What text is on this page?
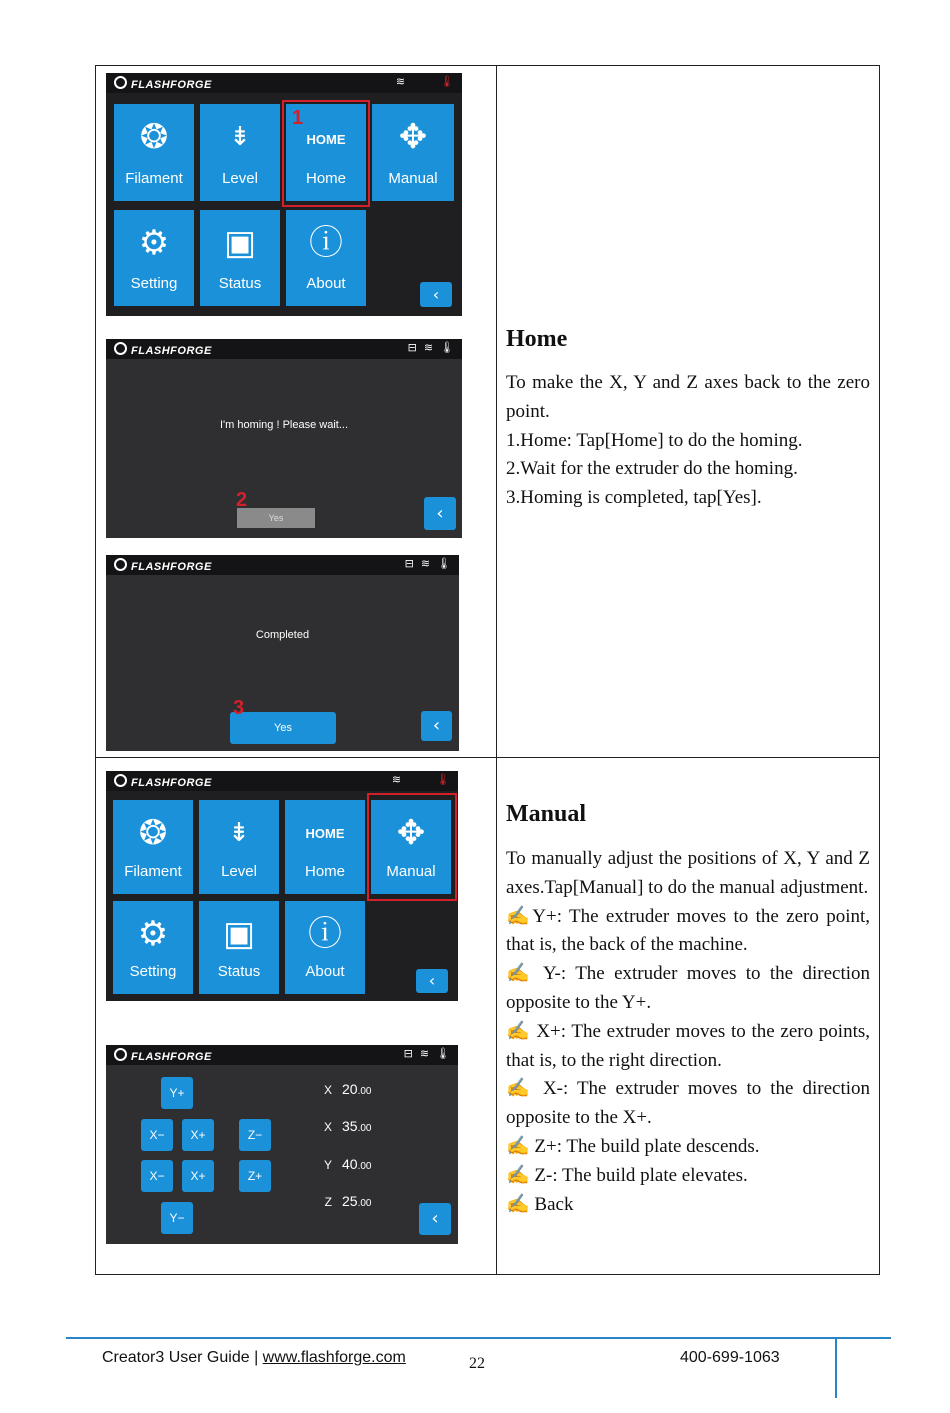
FLASHFORGE	≋	🌡
❂
Filament
⇟
Level
HOME
Home
✥
Manual
⚙
Setting
▣
Status
ⓘ
About
‹
1
FLASHFORGE	⊟ ≋ 🌡
I'm homing ! Please wait...
Yes
2
‹
FLASHFORGE	⊟ ≋ 🌡
Completed
Yes
3
‹
Home

To make the X, Y and Z axes back to the zero point.

1.Home: Tap[Home] to do the homing.

2.Wait for the extruder do the homing.

3.Homing is completed, tap[Yes].

FLASHFORGE	≋	🌡
❂
Filament
⇟
Level
HOME
Home
✥
Manual
⚙
Setting
▣
Status
ⓘ
About	‹
FLASHFORGE	⊟ ≋ 🌡
Y+
X−	X+	Z−
X−	X+	Z+
Y−
X 20.00
X 35.00
Y 40.00
Z 25.00
‹
Manual

To manually adjust the positions of X, Y and Z axes.Tap[Manual] to do the manual adjustment.

✍Y+: The extruder moves to the zero point, that is, the back of the machine.

✍ Y-: The extruder moves to the direction opposite to the Y+.

✍ X+: The extruder moves to the zero points, that is, to the right direction.

✍ X-: The extruder moves to the direction opposite to the X+.

✍ Z+: The build plate descends.

✍ Z-: The build plate elevates.

✍ Back

Creator3 User Guide | www.flashforge.com	22	400-699-1063
